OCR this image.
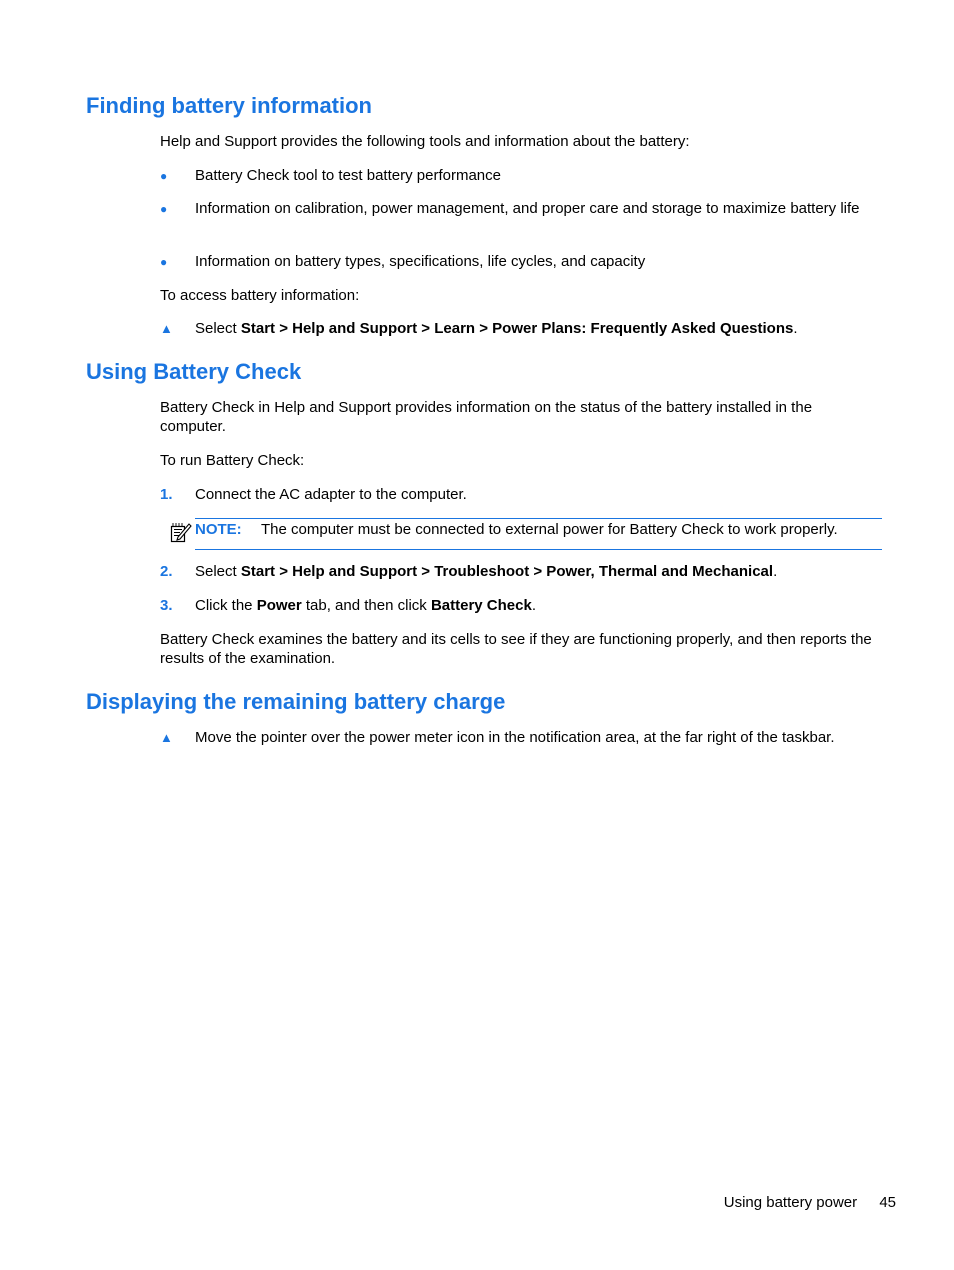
Finding battery information

Help and Support provides the following tools and information about the battery:

●	Battery Check tool to test battery performance
●	Information on calibration, power management, and proper care and storage to maximize battery life
●	Information on battery types, specifications, life cycles, and capacity

To access battery information:

▲	Select Start > Help and Support > Learn > Power Plans: Frequently Asked Questions.
Using Battery Check

Battery Check in Help and Support provides information on the status of the battery installed in the computer.

To run Battery Check:

1.	Connect the AC adapter to the computer.
NOTE: The computer must be connected to external power for Battery Check to work properly.
2.	Select Start > Help and Support > Troubleshoot > Power, Thermal and Mechanical.
3.	Click the Power tab, and then click Battery Check.

Battery Check examines the battery and its cells to see if they are functioning properly, and then reports the results of the examination.

Displaying the remaining battery charge
▲	Move the pointer over the power meter icon in the notification area, at the far right of the taskbar.
Using battery power 45
